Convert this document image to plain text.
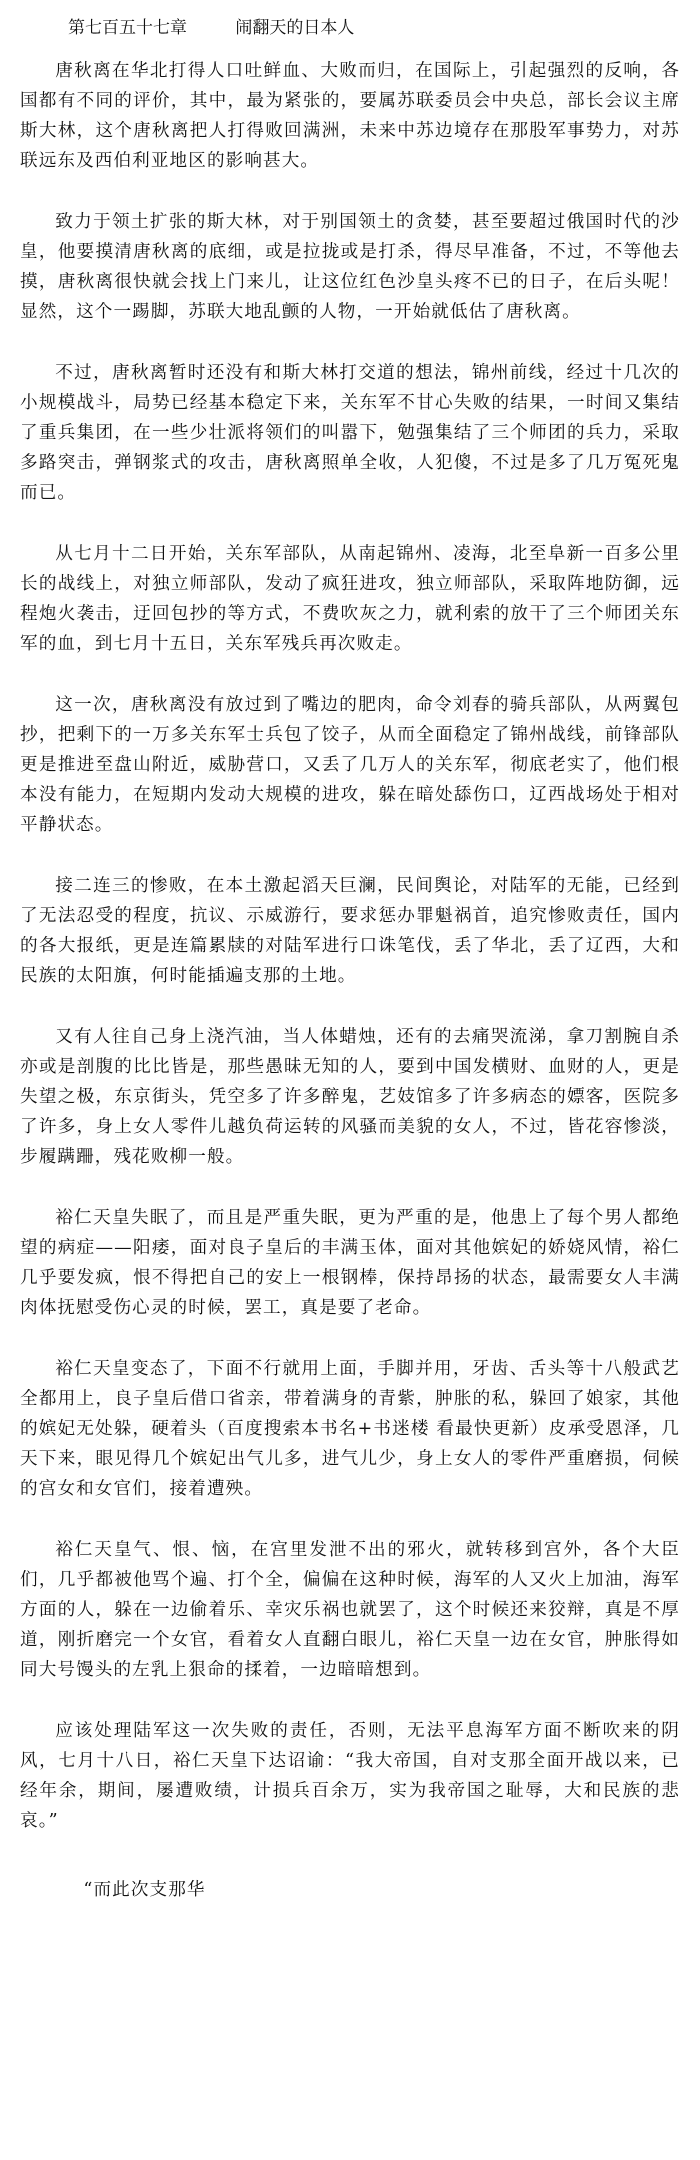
第七百五十七章	闹翻天的日本人

唐秋离在华北打得人口吐鲜血、大败而归，在国际上，引起强烈的反响，各国都有不同的评价，其中，最为紧张的，要属苏联委员会中央总，部长会议主席斯大林，这个唐秋离把人打得败回满洲，未来中苏边境存在那股军事势力，对苏联远东及西伯利亚地区的影响甚大。

致力于领土扩张的斯大林，对于别国领土的贪婪，甚至要超过俄国时代的沙皇，他要摸清唐秋离的底细，或是拉拢或是打杀，得尽早准备，不过，不等他去摸，唐秋离很快就会找上门来儿，让这位红色沙皇头疼不已的日子，在后头呢！显然，这个一踢脚，苏联大地乱颤的人物，一开始就低估了唐秋离。

不过，唐秋离暂时还没有和斯大林打交道的想法，锦州前线，经过十几次的小规模战斗，局势已经基本稳定下来，关东军不甘心失败的结果，一时间又集结了重兵集团，在一些少壮派将领们的叫嚣下，勉强集结了三个师团的兵力，采取多路突击，弹钢浆式的攻击，唐秋离照单全收，人犯傻，不过是多了几万冤死鬼而已。

从七月十二日开始，关东军部队，从南起锦州、凌海，北至阜新一百多公里长的战线上，对独立师部队，发动了疯狂进攻，独立师部队，采取阵地防御，远程炮火袭击，迂回包抄的等方式，不费吹灰之力，就利索的放干了三个师团关东军的血，到七月十五日，关东军残兵再次败走。

这一次，唐秋离没有放过到了嘴边的肥肉，命令刘春的骑兵部队，从两翼包抄，把剩下的一万多关东军士兵包了饺子，从而全面稳定了锦州战线，前锋部队更是推进至盘山附近，威胁营口，又丢了几万人的关东军，彻底老实了，他们根本没有能力，在短期内发动大规模的进攻，躲在暗处舔伤口，辽西战场处于相对平静状态。

接二连三的惨败，在本土激起滔天巨澜，民间舆论，对陆军的无能，已经到了无法忍受的程度，抗议、示威游行，要求惩办罪魁祸首，追究惨败责任，国内的各大报纸，更是连篇累牍的对陆军进行口诛笔伐，丢了华北，丢了辽西，大和民族的太阳旗，何时能插遍支那的土地。

又有人往自己身上浇汽油，当人体蜡烛，还有的去痛哭流涕，拿刀割腕自杀亦或是剖腹的比比皆是，那些愚昧无知的人，要到中国发横财、血财的人，更是失望之极，东京街头，凭空多了许多醉鬼，艺妓馆多了许多病态的嫖客，医院多了许多，身上女人零件儿越负荷运转的风骚而美貌的女人，不过，皆花容惨淡，步履蹒跚，残花败柳一般。

裕仁天皇失眠了，而且是严重失眠，更为严重的是，他患上了每个男人都绝望的病症——阳痿，面对良子皇后的丰满玉体，面对其他嫔妃的娇娆风情，裕仁几乎要发疯，恨不得把自己的安上一根钢棒，保持昂扬的状态，最需要女人丰满肉体抚慰受伤心灵的时候，罢工，真是要了老命。

裕仁天皇变态了，下面不行就用上面，手脚并用，牙齿、舌头等十八般武艺全都用上，良子皇后借口省亲，带着满身的青紫，肿胀的私，躲回了娘家，其他的嫔妃无处躲，硬着头（百度搜索本书名+书迷楼 看最快更新）皮承受恩泽，几天下来，眼见得几个嫔妃出气儿多，进气儿少，身上女人的零件严重磨损，伺候的宫女和女官们，接着遭殃。

裕仁天皇气、恨、恼，在宫里发泄不出的邪火，就转移到宫外，各个大臣们，几乎都被他骂个遍、打个全，偏偏在这种时候，海军的人又火上加油，海军方面的人，躲在一边偷着乐、幸灾乐祸也就罢了，这个时候还来狡辩，真是不厚道，刚折磨完一个女官，看着女人直翻白眼儿，裕仁天皇一边在女官，肿胀得如同大号馒头的左乳上狠命的揉着，一边暗暗想到。

应该处理陆军这一次失败的责任，否则，无法平息海军方面不断吹来的阴风，七月十八日，裕仁天皇下达诏谕：“我大帝国，自对支那全面开战以来，已经年余，期间，屡遭败绩，计损兵百余万，实为我帝国之耻辱，大和民族的悲哀。”

“而此次支那华
